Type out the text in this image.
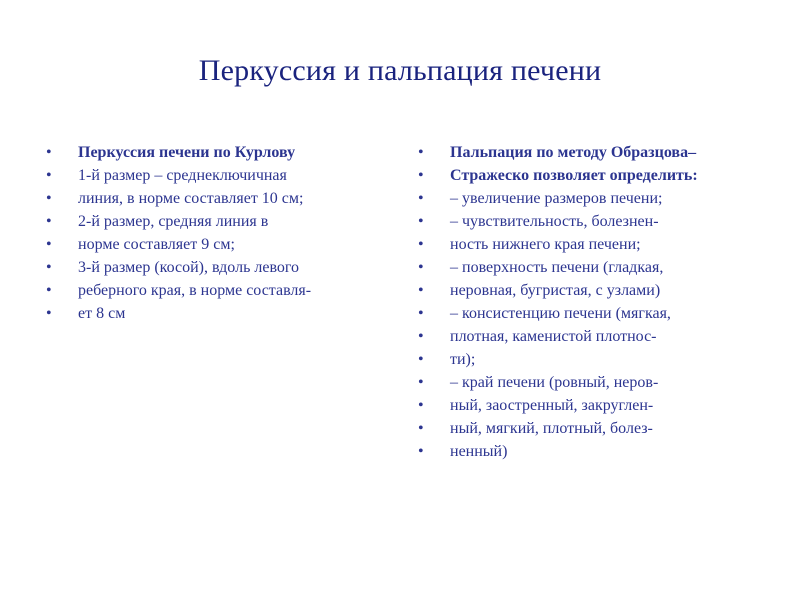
Перкуссия и пальпация печени
• Перкуссия печени по Курлову
• 1-й размер – среднеключичная
• линия, в норме составляет 10 см;
• 2-й размер, средняя линия в
• норме составляет 9 см;
• 3-й размер (косой), вдоль левого
• реберного края, в норме составля-
• ет 8 см
• Пальпация по методу Образцова–
• Стражеско позволяет определить:
• – увеличение размеров печени;
• – чувствительность, болезнен-
• ность нижнего края печени;
• – поверхность печени (гладкая,
• неровная, бугристая, с узлами)
• – консистенцию печени (мягкая,
• плотная, каменистой плотнос-
• ти);
• – край печени (ровный, неров-
• ный, заостренный, закруглен-
• ный, мягкий, плотный, болез-
• ненный)
